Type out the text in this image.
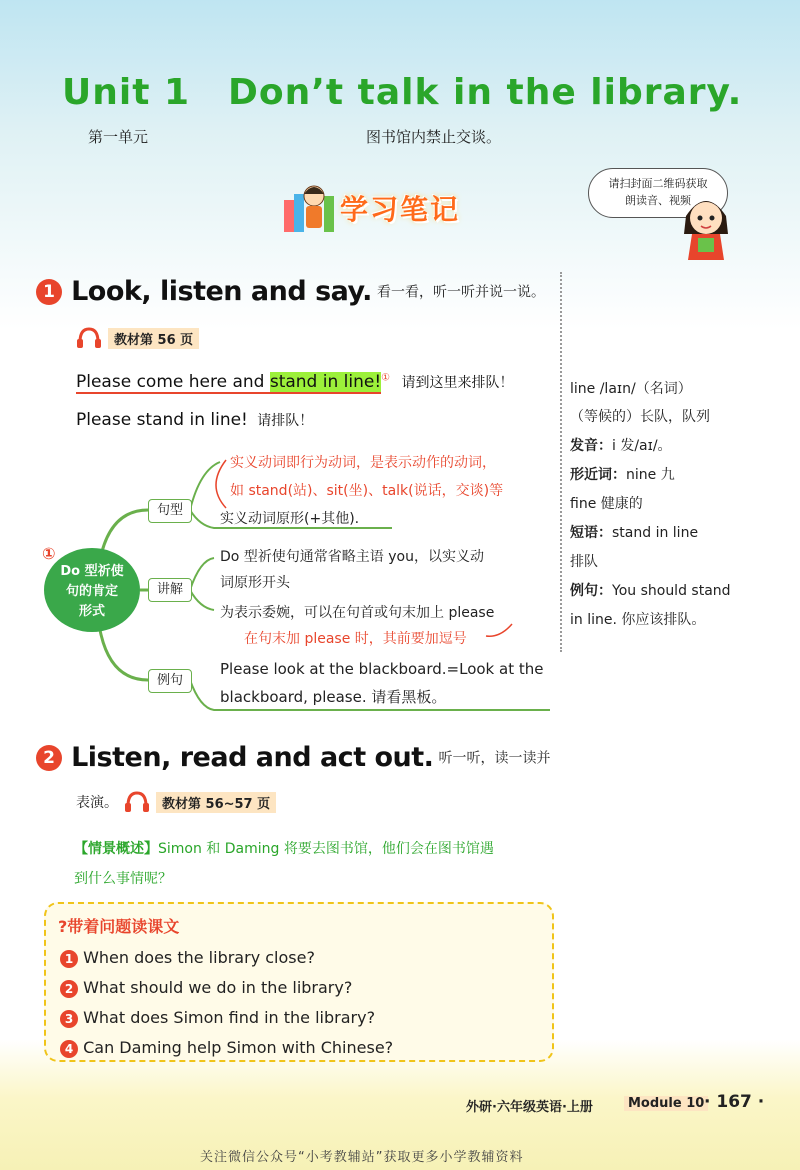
Unit 1 Don’t talk in the library.
第一单元	图书馆内禁止交谈。
学习笔记
请扫封面二维码获取
朗读音、视频
1 Look, listen and say. 看一看，听一听并说一说。
教材第 56 页
Please come here and stand in line!① 请到这里来排队！
Please stand in line! 请排队！
①
Do 型祈使
句的肯定
形式
句型
实义动词即行为动词，是表示动作的动词，
如 stand(站)、sit(坐)、talk(说话，交谈)等
实义动词原形(+其他).
讲解
Do 型祈使句通常省略主语 you，以实义动
词原形开头
为表示委婉，可以在句首或句末加上 please
在句末加 please 时，其前要加逗号
例句
Please look at the blackboard.=Look at the
blackboard, please. 请看黑板。
line /laɪn/（名词）
（等候的）长队，队列
发音：i 发/aɪ/。
形近词：nine 九
fine 健康的
短语：stand in line
排队
例句：You should stand
in line. 你应该排队。
2 Listen, read and act out. 听一听，读一读并
表演。	教材第 56~57 页
【情景概述】Simon 和 Daming 将要去图书馆，他们会在图书馆遇
到什么事情呢？
?带着问题读课文
1 When does the library close?
2 What should we do in the library?
3 What does Simon find in the library?
4 Can Daming help Simon with Chinese?
外研·六年级英语·上册	Module 10 · 167 ·
关注微信公众号“小考教辅站”获取更多小学教辅资料
